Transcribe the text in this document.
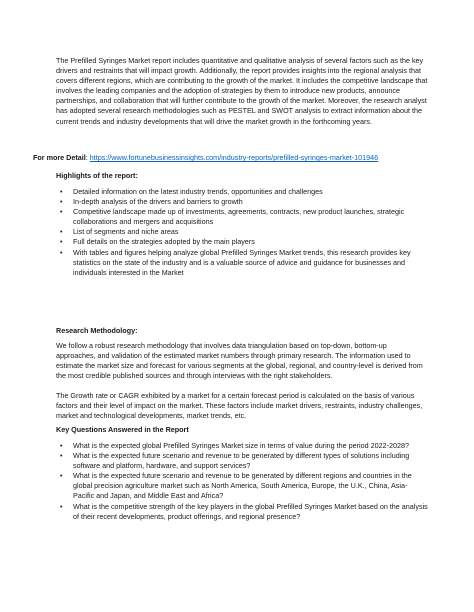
The Prefilled Syringes Market report includes quantitative and qualitative analysis of several factors such as the key drivers and restraints that will impact growth. Additionally, the report provides insights into the regional analysis that covers different regions, which are contributing to the growth of the market. It includes the competitive landscape that involves the leading companies and the adoption of strategies by them to introduce new products, announce partnerships, and collaboration that will further contribute to the growth of the market. Moreover, the research analyst has adopted several research methodologies such as PESTEL and SWOT analysis to extract information about the current trends and industry developments that will drive the market growth in the forthcoming years.

For more Detail: https://www.fortunebusinessinsights.com/industry-reports/prefilled-syringes-market-101946
Highlights of the report:
• Detailed information on the latest industry trends, opportunities and challenges
• In-depth analysis of the drivers and barriers to growth
• Competitive landscape made up of investments, agreements, contracts, new product launches, strategic collaborations and mergers and acquisitions
• List of segments and niche areas
• Full details on the strategies adopted by the main players
• With tables and figures helping analyze global Prefilled Syringes Market trends, this research provides key statistics on the state of the industry and is a valuable source of advice and guidance for businesses and individuals interested in the Market
Research Methodology:

We follow a robust research methodology that involves data triangulation based on top-down, bottom-up approaches, and validation of the estimated market numbers through primary research. The information used to estimate the market size and forecast for various segments at the global, regional, and country-level is derived from the most credible published sources and through interviews with the right stakeholders.

The Growth rate or CAGR exhibited by a market for a certain forecast period is calculated on the basis of various factors and their level of impact on the market. These factors include market drivers, restraints, industry challenges, market and technological developments, market trends, etc.

Key Questions Answered in the Report
• What is the expected global Prefilled Syringes Market size in terms of value during the period 2022-2028?
• What is the expected future scenario and revenue to be generated by different types of solutions including software and platform, hardware, and support services?
• What is the expected future scenario and revenue to be generated by different regions and countries in the global precision agriculture market such as North America, South America, Europe, the U.K., China, Asia-Pacific and Japan, and Middle East and Africa?
• What is the competitive strength of the key players in the global Prefilled Syringes Market based on the analysis of their recent developments, product offerings, and regional presence?
